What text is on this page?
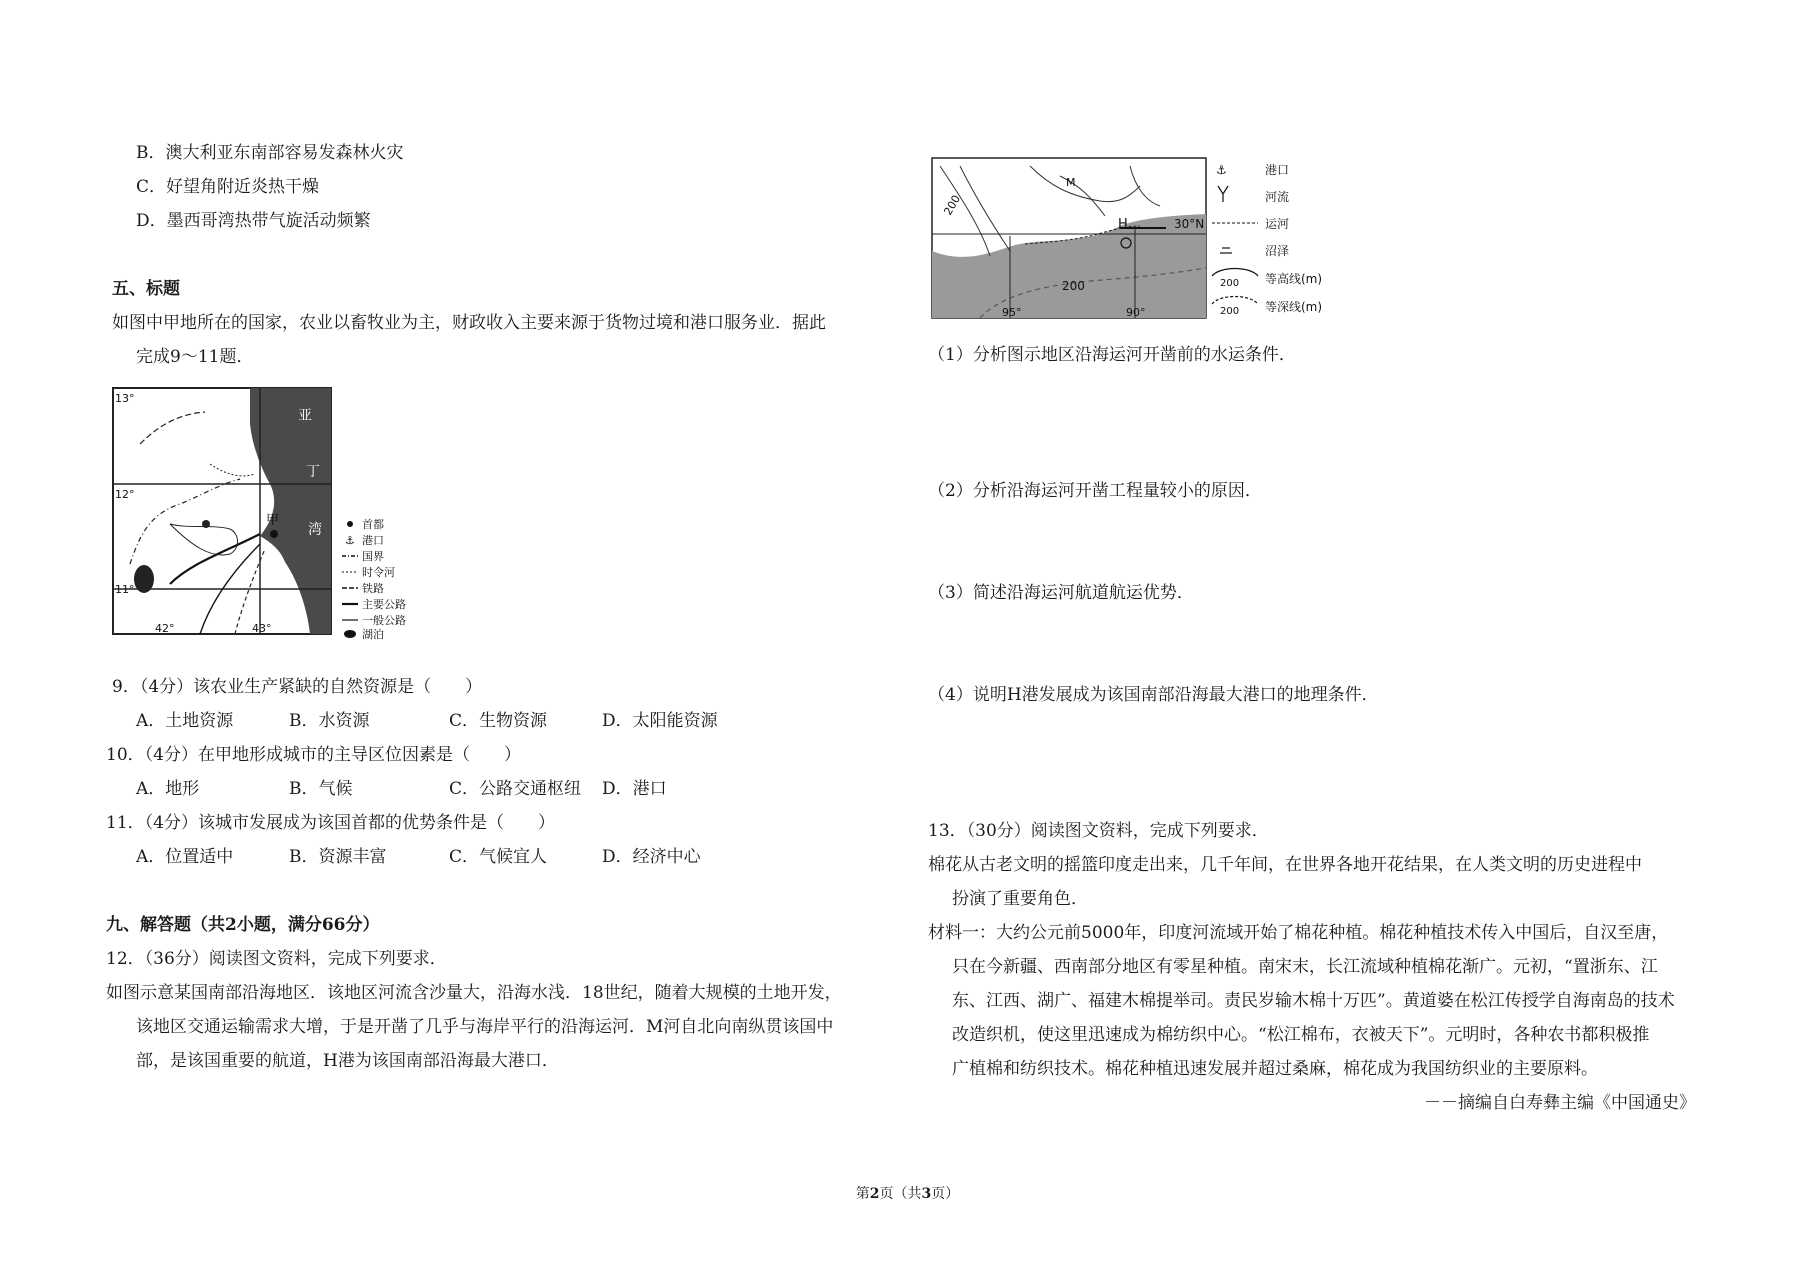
B．澳大利亚东南部容易发森林火灾
C．好望角附近炎热干燥
D．墨西哥湾热带气旋活动频繁
五、标题
如图中甲地所在的国家，农业以畜牧业为主，财政收入主要来源于货物过境和港口服务业．据此
完成9～11题．
13°
12°
11°
42°	43°
亚
丁
湾
甲	首都
⚓ 港口
国界
时令河
铁路
主要公路
一般公路
湖泊
9．（4分）该农业生产紧缺的自然资源是（　　）
A．土地资源	B．水资源	C．生物资源	D．太阳能资源
10．（4分）在甲地形成城市的主导区位因素是（　　）
A．地形	B．气候	C．公路交通枢纽 D．港口
11．（4分）该城市发展成为该国首都的优势条件是（　　）
A．位置适中	B．资源丰富	C．气候宜人	D．经济中心
九、解答题（共2小题，满分66分）
12．（36分）阅读图文资料，完成下列要求．
如图示意某国南部沿海地区．该地区河流含沙量大，沿海水浅．18世纪，随着大规模的土地开发，
该地区交通运输需求大增，于是开凿了几乎与海岸平行的沿海运河．M河自北向南纵贯该国中
部，是该国重要的航道，H港为该国南部沿海最大港口．
M
H	30°N
200
200
95°	90°
⚓	港口
河流
运河
沼泽
200 等高线(m)
200 等深线(m)
（1）分析图示地区沿海运河开凿前的水运条件．
（2）分析沿海运河开凿工程量较小的原因．
（3）简述沿海运河航道航运优势．
（4）说明H港发展成为该国南部沿海最大港口的地理条件．
13．（30分）阅读图文资料，完成下列要求．
棉花从古老文明的摇篮印度走出来，几千年间，在世界各地开花结果，在人类文明的历史进程中
扮演了重要角色．
材料一：大约公元前5000年，印度河流域开始了棉花种植。棉花种植技术传入中国后，自汉至唐，
只在今新疆、西南部分地区有零星种植。南宋末，长江流域种植棉花渐广。元初，“置浙东、江
东、江西、湖广、福建木棉提举司。责民岁输木棉十万匹”。黄道婆在松江传授学自海南岛的技术
改造织机，使这里迅速成为棉纺织中心。“松江棉布，衣被天下”。元明时，各种农书都积极推
广植棉和纺织技术。棉花种植迅速发展并超过桑麻，棉花成为我国纺织业的主要原料。
－－摘编自白寿彝主编《中国通史》
第2页（共3页）
